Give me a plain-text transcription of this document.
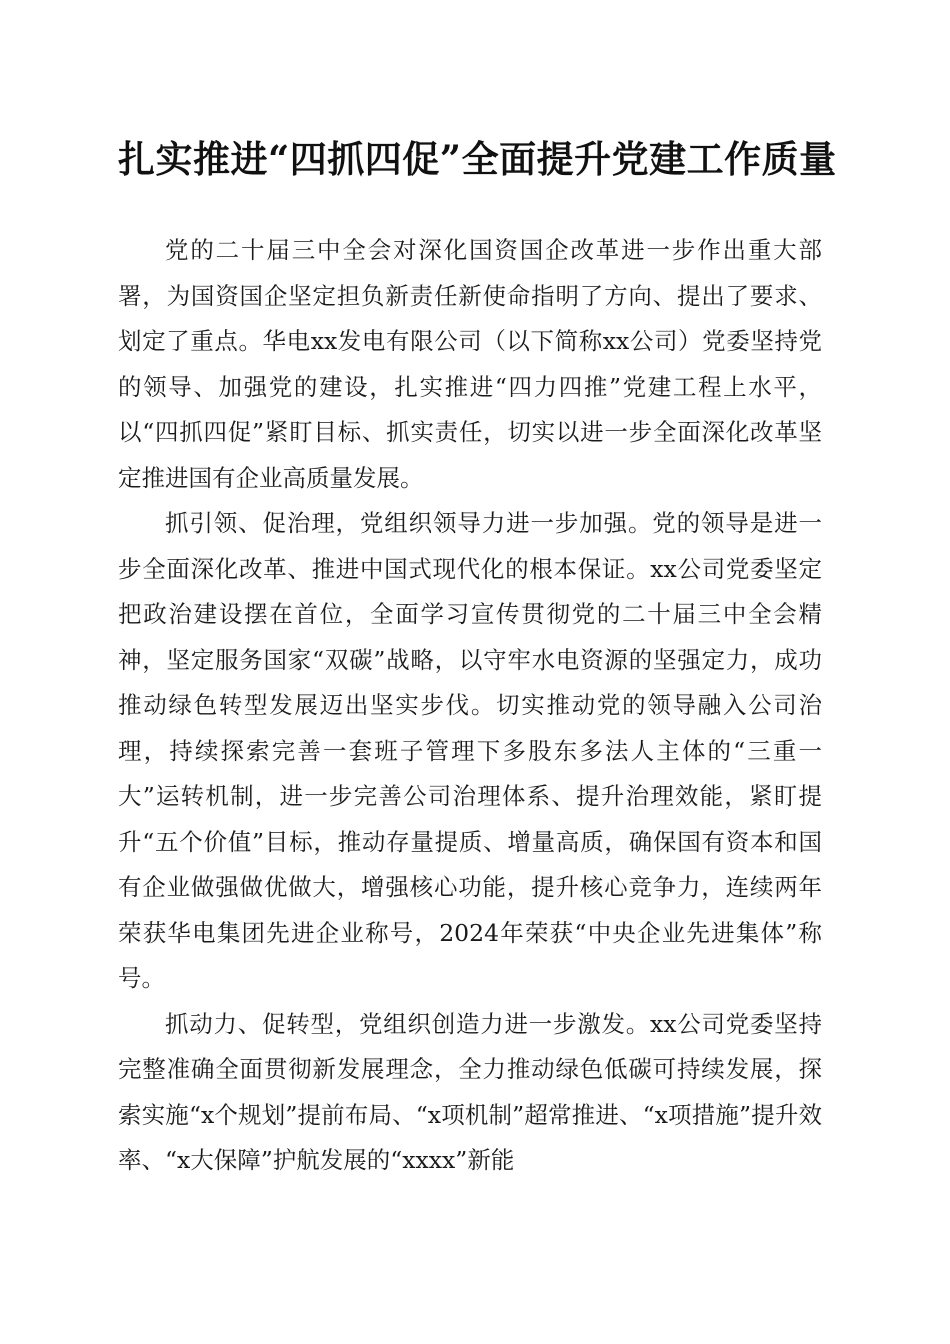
扎实推进“四抓四促”全面提升党建工作质量

党的二十届三中全会对深化国资国企改革进一步作出重大部署，为国资国企坚定担负新责任新使命指明了方向、提出了要求、划定了重点。华电xx发电有限公司（以下简称xx公司）党委坚持党的领导、加强党的建设，扎实推进“四力四推”党建工程上水平，以“四抓四促”紧盯目标、抓实责任，切实以进一步全面深化改革坚定推进国有企业高质量发展。

抓引领、促治理，党组织领导力进一步加强。党的领导是进一步全面深化改革、推进中国式现代化的根本保证。xx公司党委坚定把政治建设摆在首位，全面学习宣传贯彻党的二十届三中全会精神，坚定服务国家“双碳”战略，以守牢水电资源的坚强定力，成功推动绿色转型发展迈出坚实步伐。切实推动党的领导融入公司治理，持续探索完善一套班子管理下多股东多法人主体的“三重一大”运转机制，进一步完善公司治理体系、提升治理效能，紧盯提升“五个价值”目标，推动存量提质、增量高质，确保国有资本和国有企业做强做优做大，增强核心功能，提升核心竞争力，连续两年荣获华电集团先进企业称号，2024年荣获“中央企业先进集体”称号。

抓动力、促转型，党组织创造力进一步激发。xx公司党委坚持完整准确全面贯彻新发展理念，全力推动绿色低碳可持续发展，探索实施“x个规划”提前布局、“x项机制”超常推进、“x项措施”提升效率、“x大保障”护航发展的“xxxx”新能
